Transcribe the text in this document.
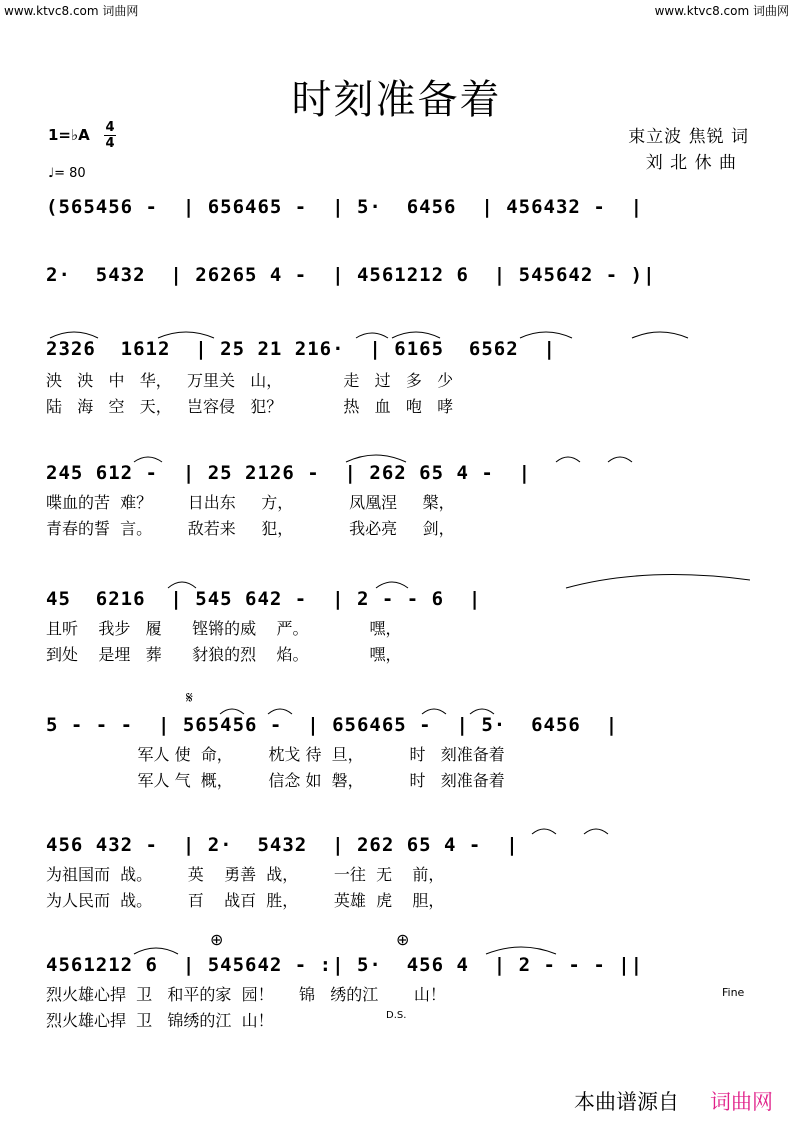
www.ktvc8.com 词曲网	www.ktvc8.com 词曲网
时刻准备着
1=♭A 4
4
♩= 80
束立波 焦锐 词
刘 北 休 曲
(565456 -  | 656465 -  | 5·  6456  | 456432 -  |
2·  5432  | 26265 4 -  | 4561212 6  | 545642 - )|
2326  1612  | 25 21 216·  | 6165  6562  |
泱   泱   中   华，   万里关   山，            走   过   多   少
陆   海   空   天，   岂容侵   犯？            热   血   咆   哮
245 612 -  | 25 2126 -  | 262 65 4 -  |
喋血的苦  难？       日出东     方，           凤凰涅     槃，
青春的誓  言。       敌若来     犯，           我必亮     剑，
45  6216  | 545 642 -  | 2 - - 6  |
且听    我步   履      铿锵的威    严。            嘿，
到处    是埋   葬      豺狼的烈    焰。            嘿，
𝄋
5 - - -  | 565456 -  | 656465 -  | 5·  6456  |
军人 使  命，       枕戈 待  旦，         时   刻准备着
军人 气  概，       信念 如  磐，         时   刻准备着
456 432 -  | 2·  5432  | 262 65 4 -  |
为祖国而  战。       英    勇善  战，       一往  无    前，
为人民而  战。       百    战百  胜，       英雄  虎    胆，
⊕	⊕
4561212 6  | 545642 - :| 5·  456 4  | 2 - - - ||
烈火雄心捍  卫   和平的家  园！     锦   绣的江       山！
烈火雄心捍  卫   锦绣的江  山！
Fine
D.S.
本曲谱源自 词曲网
